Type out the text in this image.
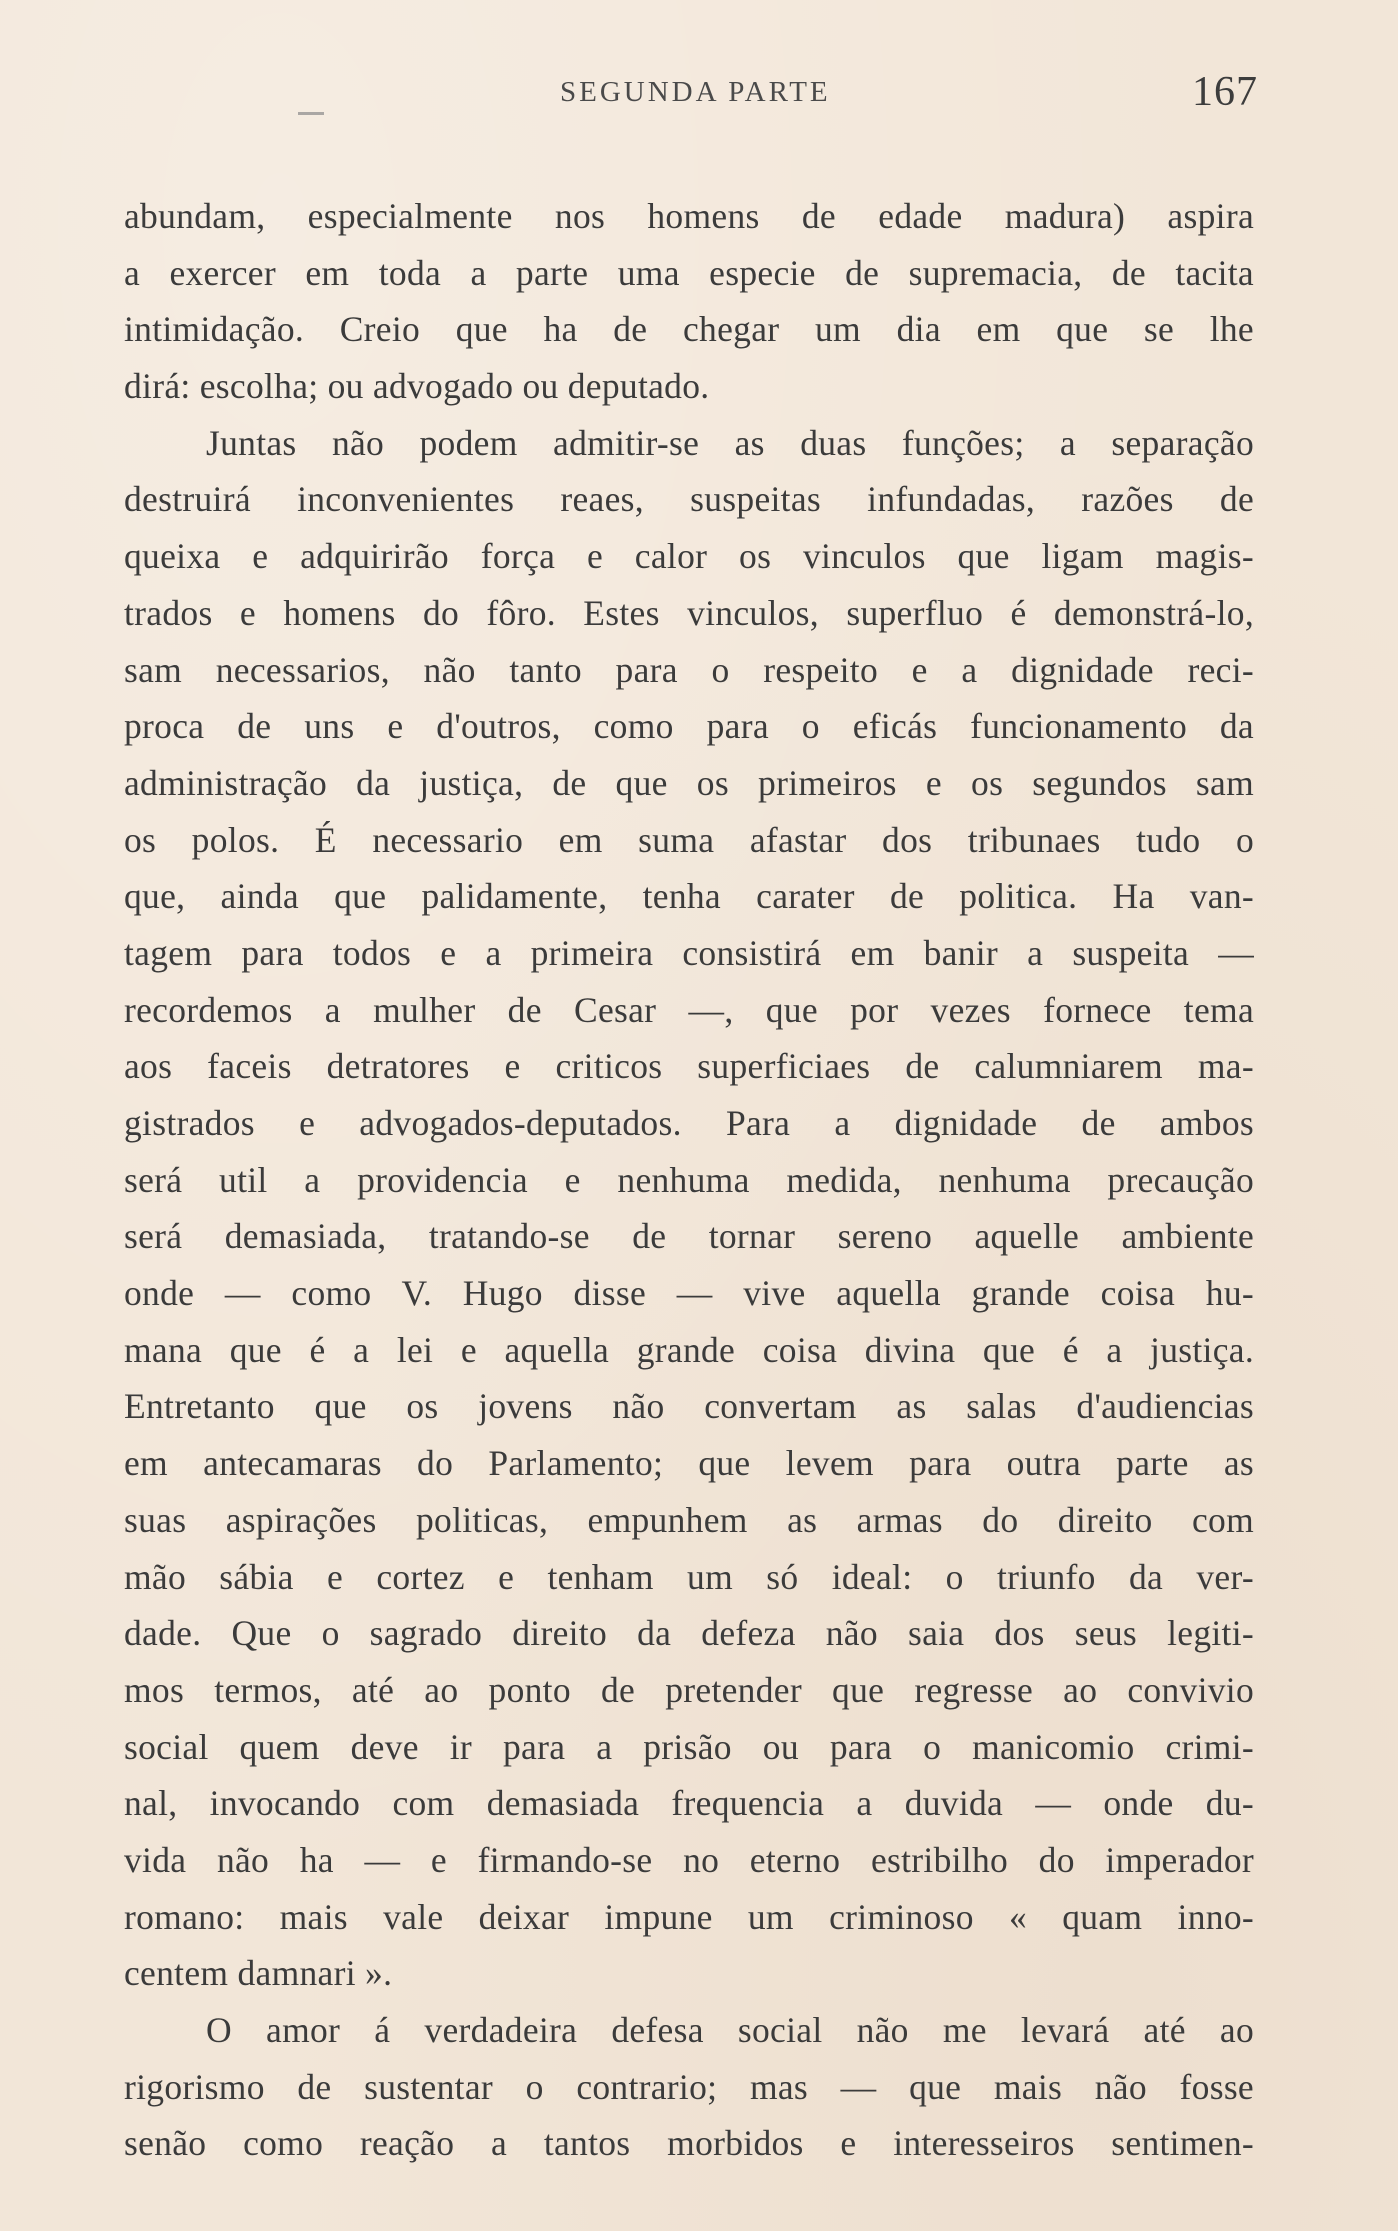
SEGUNDA PARTE	167
abundam, especialmente nos homens de edade madura) aspira
a exercer em toda a parte uma especie de supremacia, de tacita
intimidação. Creio que ha de chegar um dia em que se lhe
dirá: escolha; ou advogado ou deputado.
Juntas não podem admitir-se as duas funções; a separação
destruirá inconvenientes reaes, suspeitas infundadas, razões de
queixa e adquirirão força e calor os vinculos que ligam magis-
trados e homens do fôro. Estes vinculos, superfluo é demonstrá-lo,
sam necessarios, não tanto para o respeito e a dignidade reci-
proca de uns e d'outros, como para o eficás funcionamento da
administração da justiça, de que os primeiros e os segundos sam
os polos. É necessario em suma afastar dos tribunaes tudo o
que, ainda que palidamente, tenha carater de politica. Ha van-
tagem para todos e a primeira consistirá em banir a suspeita —
recordemos a mulher de Cesar —, que por vezes fornece tema
aos faceis detratores e criticos superficiaes de calumniarem ma-
gistrados e advogados-deputados. Para a dignidade de ambos
será util a providencia e nenhuma medida, nenhuma precaução
será demasiada, tratando-se de tornar sereno aquelle ambiente
onde — como V. Hugo disse — vive aquella grande coisa hu-
mana que é a lei e aquella grande coisa divina que é a justiça.
Entretanto que os jovens não convertam as salas d'audiencias
em antecamaras do Parlamento; que levem para outra parte as
suas aspirações politicas, empunhem as armas do direito com
mão sábia e cortez e tenham um só ideal: o triunfo da ver-
dade. Que o sagrado direito da defeza não saia dos seus legiti-
mos termos, até ao ponto de pretender que regresse ao convivio
social quem deve ir para a prisão ou para o manicomio crimi-
nal, invocando com demasiada frequencia a duvida — onde du-
vida não ha — e firmando-se no eterno estribilho do imperador
romano: mais vale deixar impune um criminoso « quam inno-
centem damnari ».
O amor á verdadeira defesa social não me levará até ao
rigorismo de sustentar o contrario; mas — que mais não fosse
senão como reação a tantos morbidos e interesseiros sentimen-
